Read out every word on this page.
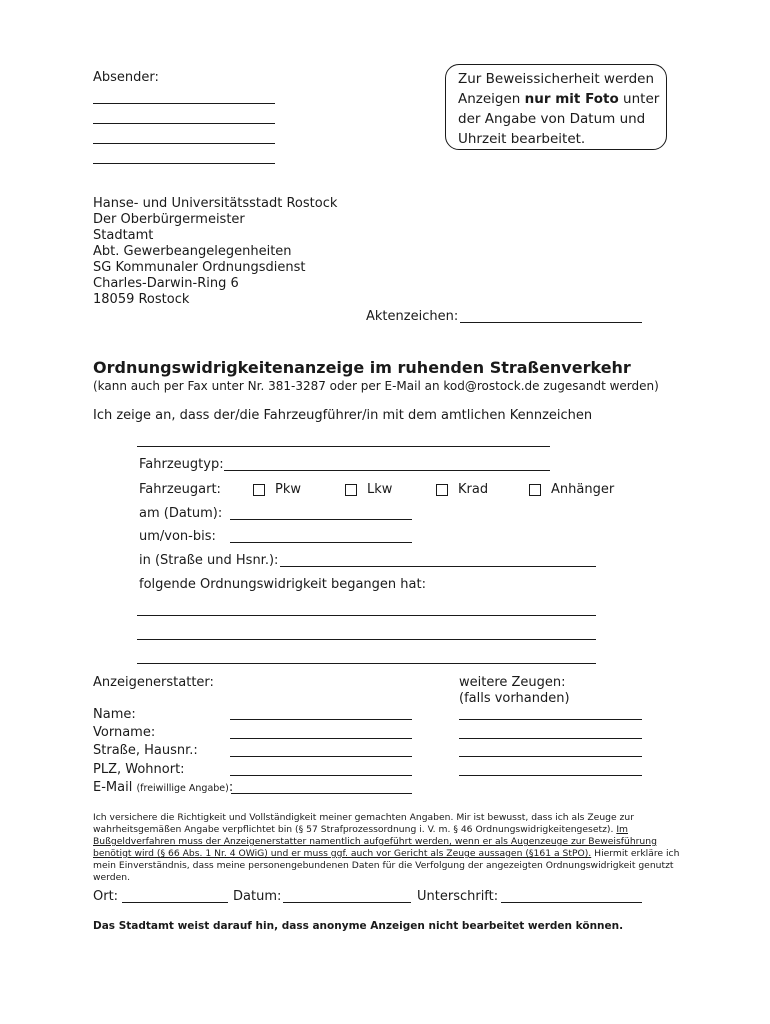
Absender:	Zur Beweissicherheit werden
Anzeigen nur mit Foto unter
der Angabe von Datum und
Uhrzeit bearbeitet.
Hanse- und Universitätsstadt Rostock
Der Oberbürgermeister
Stadtamt
Abt. Gewerbeangelegenheiten
SG Kommunaler Ordnungsdienst
Charles-Darwin-Ring 6
18059 Rostock
Aktenzeichen:
Ordnungswidrigkeitenanzeige im ruhenden Straßenverkehr
(kann auch per Fax unter Nr. 381-3287 oder per E-Mail an kod@rostock.de zugesandt werden)
Ich zeige an, dass der/die Fahrzeugführer/in mit dem amtlichen Kennzeichen
Fahrzeugtyp:
Fahrzeugart:	Pkw	Lkw	Krad	Anhänger
am (Datum):
um/von-bis:
in (Straße und Hsnr.):
folgende Ordnungswidrigkeit begangen hat:
Anzeigenerstatter:	weitere Zeugen:
(falls vorhanden)
Name:
Vorname:
Straße, Hausnr.:
PLZ, Wohnort:
E-Mail (freiwillige Angabe):
Ich versichere die Richtigkeit und Vollständigkeit meiner gemachten Angaben. Mir ist bewusst, dass ich als Zeuge zur wahrheitsgemäßen Angabe verpflichtet bin (§ 57 Strafprozessordnung i. V. m. § 46 Ordnungswidrigkeitengesetz). Im Bußgeldverfahren muss der Anzeigenerstatter namentlich aufgeführt werden, wenn er als Augenzeuge zur Beweisführung benötigt wird (§ 66 Abs. 1 Nr. 4 OWiG) und er muss ggf. auch vor Gericht als Zeuge aussagen (§161 a StPO). Hiermit erkläre ich mein Einverständnis, dass meine personengebundenen Daten für die Verfolgung der angezeigten Ordnungswidrigkeit genutzt werden.
Ort:	Datum:	Unterschrift:
Das Stadtamt weist darauf hin, dass anonyme Anzeigen nicht bearbeitet werden können.
